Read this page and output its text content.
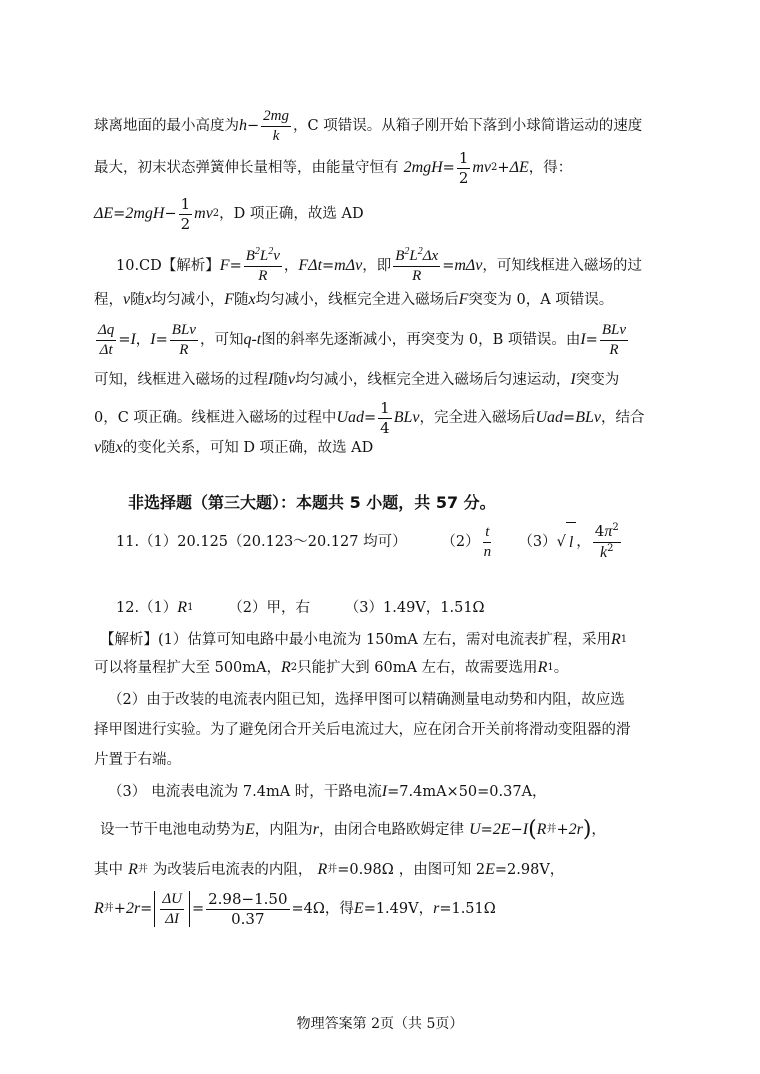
球离地面的最小高度为 $h - \frac{2mg}{k}$ ，C 项错误。从箱子刚开始下落到小球简谐运动的速度
最大，初末状态弹簧伸长量相等，由能量守恒有 $2mgH = \frac{1}{2}$ mv 2 + ΔE ，得：
$\Delta E = 2mgH - \frac{1}{2}$ mv 2 ，D 项正确，故选 AD
10.CD【解析】 $F = \frac{B^2L^2v}{R}$ ， FΔt = mΔv ，即 $\frac{B^2L^2\Delta x}{R} = m\Delta v$ ，可知线框进入磁场的过
程， v 随 x 均匀减小， F 随 x 均匀减小，线框完全进入磁场后 F 突变为 0，A 项错误。
$\frac{\Delta q}{\Delta t} = I$ ， $I = \frac{\text{BLv}}{R}$ ，可知 q-t 图的斜率先逐渐减小，再突变为 0，B 项错误。由 $I = \frac{\text{BLv}}{R}$
可知，线框进入磁场的过程 I 随 v 均匀减小，线框完全进入磁场后匀速运动， I 突变为
0，C 项正确。线框进入磁场的过程中 U ad = $\frac{1}{4}$ BLv ，完全进入磁场后 U ad = BLv ，结合
v 随 x 的变化关系，可知 D 项正确，故选 AD
非选择题（第三大题）：本题共 5 小题，共 57 分。
11.（1）20.125（20.123～20.127 均可） $(2) \frac{t}{n} (3)$ √ l ， $\frac{4\pi^2}{k^2}$
12.（1） R 1 （2）甲，右 （3）1.49V，1.51Ω
【解析】(1）估算可知电路中最小电流为 150mA 左右，需对电流表扩程，采用 R 1
可以将量程扩大至 500mA， R 2 只能扩大到 60mA 左右，故需要选用 R 1 。
（2）由于改装的电流表内阻已知，选择甲图可以精确测量电动势和内阻，故应选
择甲图进行实验。为了避免闭合开关后电流过大，应在闭合开关前将滑动变阻器的滑
片置于右端。
（3） 电流表电流为 7.4mA 时，干路电流 I =7.4mA×50=0.37A，
设一节干电池电动势为 E ，内阻为 r ，由闭合电路欧姆定律 U = 2E − I ( R 并 + 2r ) ，
其中 R 并 为改装后电流表的内阻， R 并 = 0.98Ω ，由图可知 2 E =2.98V，
R 并 + $2r = \frac{\Delta U}{\Delta I} = \frac{2.98-1.50}{0.37} = 4\Omega$ ，得 E =1.49V， r =1.51Ω
物理答案第 2页（共 5页）
